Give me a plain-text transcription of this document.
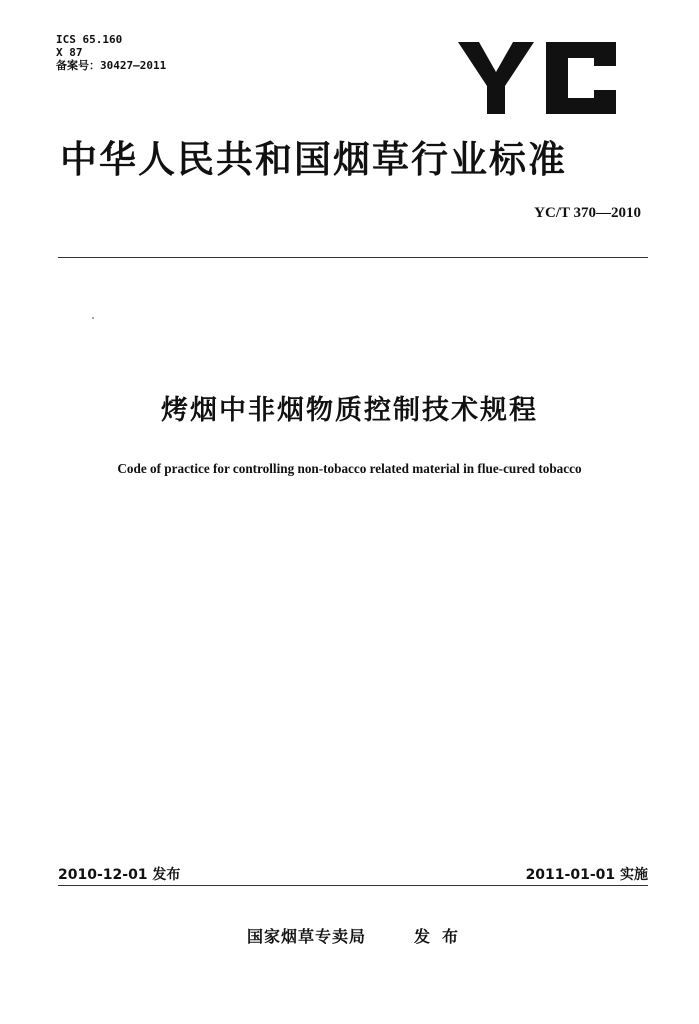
ICS 65.160
X 87
备案号：30427—2011
中华人民共和国烟草行业标准
YC/T 370—2010
烤烟中非烟物质控制技术规程
Code of practice for controlling non-tobacco related material in flue-cured tobacco
2010-12-01 发布	2011-01-01 实施
国家烟草专卖局	发布
